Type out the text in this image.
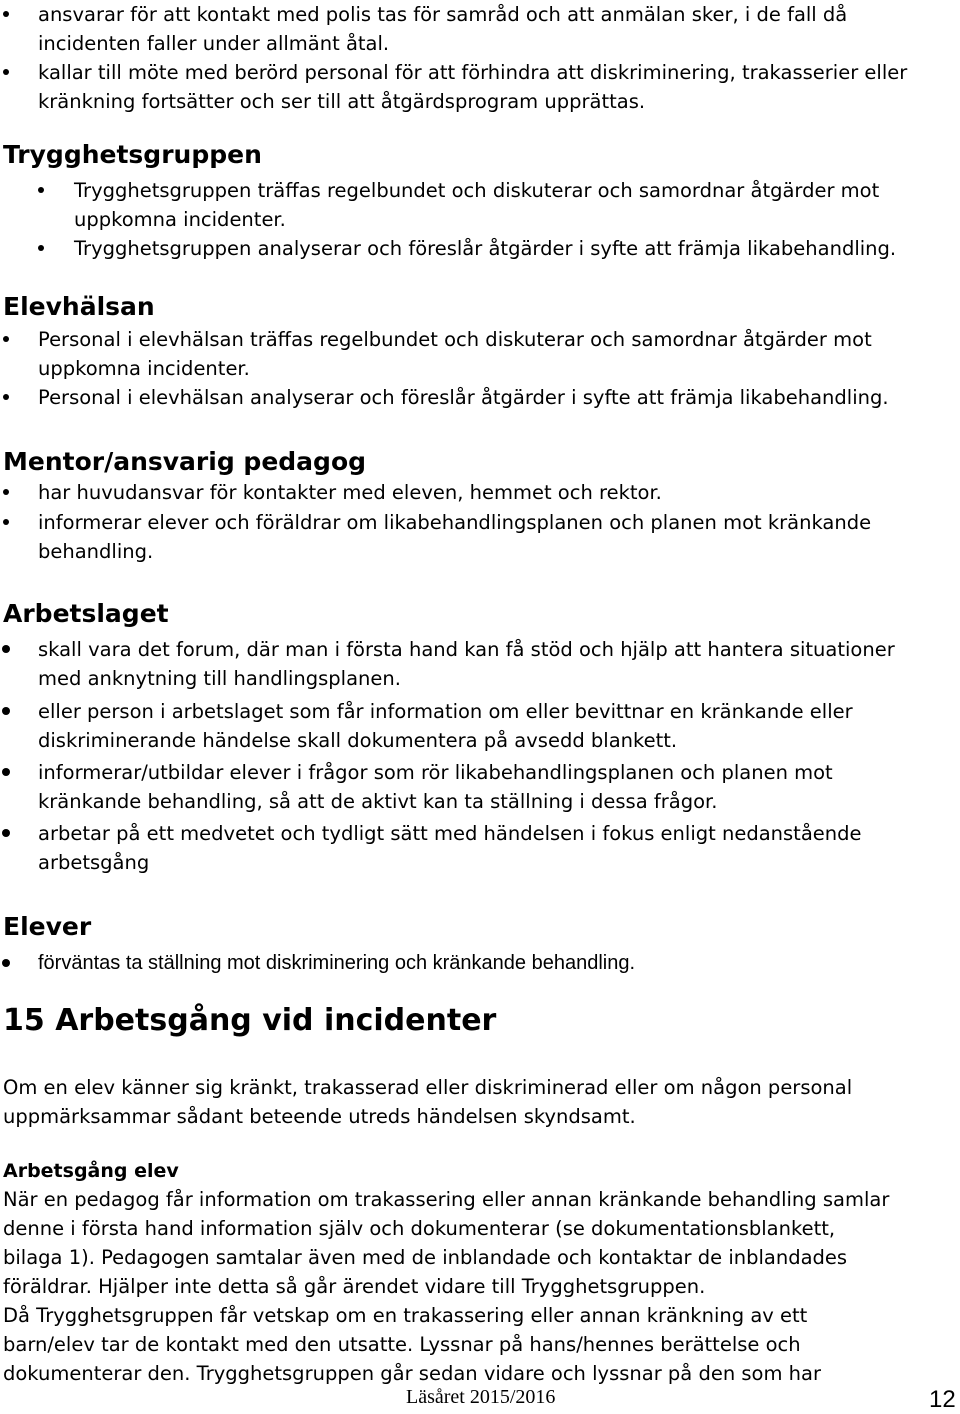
ansvarar för att kontakt med polis tas för samråd och att anmälan sker, i de fall då incidenten faller under allmänt åtal.
kallar till möte med berörd personal för att förhindra att diskriminering, trakasserier eller kränkning fortsätter och ser till att åtgärdsprogram upprättas.
Trygghetsgruppen
Trygghetsgruppen träffas regelbundet och diskuterar och samordnar åtgärder mot uppkomna incidenter.
Trygghetsgruppen analyserar och föreslår åtgärder i syfte att främja likabehandling.
Elevhälsan
Personal i elevhälsan träffas regelbundet och diskuterar och samordnar åtgärder mot uppkomna incidenter.
Personal i elevhälsan analyserar och föreslår åtgärder i syfte att främja likabehandling.
Mentor/ansvarig pedagog
har huvudansvar för kontakter med eleven, hemmet och rektor.
informerar elever och föräldrar om likabehandlingsplanen och planen mot kränkande behandling.
Arbetslaget
skall vara det forum, där man i första hand kan få stöd och hjälp att hantera situationer med anknytning till handlingsplanen.
eller person i arbetslaget som får information om eller bevittnar en kränkande eller diskriminerande händelse skall dokumentera på avsedd blankett.
informerar/utbildar elever i frågor som rör likabehandlingsplanen och planen mot kränkande behandling, så att de aktivt kan ta ställning i dessa frågor.
arbetar på ett medvetet och tydligt sätt med händelsen i fokus enligt nedanstående arbetsgång
Elever
förväntas ta ställning mot diskriminering och kränkande behandling.
15 Arbetsgång vid incidenter
Om en elev känner sig kränkt, trakasserad eller diskriminerad eller om någon personal
uppmärksammar sådant beteende utreds händelsen skyndsamt.
Arbetsgång elev
När en pedagog får information om trakassering eller annan kränkande behandling samlar
denne i första hand information själv och dokumenterar (se dokumentationsblankett,
bilaga 1). Pedagogen samtalar även med de inblandade och kontaktar de inblandades
föräldrar. Hjälper inte detta så går ärendet vidare till Trygghetsgruppen.
Då Trygghetsgruppen får vetskap om en trakassering eller annan kränkning av ett
barn/elev tar de kontakt med den utsatte. Lyssnar på hans/hennes berättelse och
dokumenterar den. Trygghetsgruppen går sedan vidare och lyssnar på den som har
Läsåret 2015/2016	12
